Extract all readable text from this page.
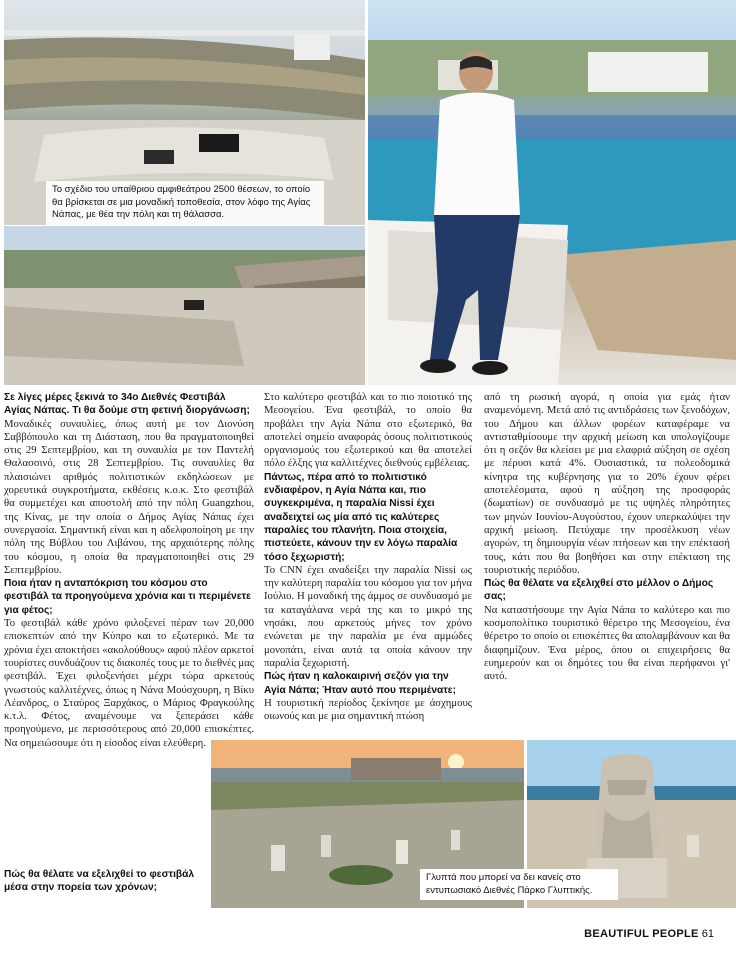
Το σχέδιο του υπαίθριου αμφιθεάτρου 2500 θέσεων, το οποίο θα βρίσκεται σε μια μοναδική τοποθεσία, στον λόφο της Αγίας Νάπας, με θέα την πόλη και τη θάλασσα.

Σε λίγες μέρες ξεκινά το 34ο Διεθνές Φεστιβάλ Αγίας Νάπας. Τι θα δούμε στη φετινή διοργάνωση;

Μοναδικές συναυλίες, όπως αυτή με τον Διονύση Σαββόπουλο και τη Διάσταση, που θα πραγματοποιηθεί στις 29 Σεπτεμβρίου, και τη συναυλία με τον Παντελή Θαλασσινό, στις 28 Σεπτεμβρίου. Τις συναυλίες θα πλαισιώνει αριθμός πολιτιστικών εκδηλώσεων με χορευτικά συγκροτήματα, εκθέσεις κ.ο.κ. Στο φεστιβάλ θα συμμετέχει και αποστολή από την πόλη Guangzhou, της Κίνας, με την οποία ο Δήμος Αγίας Νάπας έχει συνεργασία. Σημαντική είναι και η αδελφοποίηση με την πόλη της Βύβλου του Λιβάνου, της αρχαιότερης πόλης του κόσμου, η οποία θα πραγματοποιηθεί στις 29 Σεπτεμβρίου.

Ποια ήταν η ανταπόκριση του κόσμου στο φεστιβάλ τα προηγούμενα χρόνια και τι περιμένετε για φέτος;

Το φεστιβάλ κάθε χρόνο φιλοξενεί πέραν των 20,000 επισκεπτών από την Κύπρο και το εξωτερικό. Με τα χρόνια έχει αποκτήσει «ακολούθους» αφού πλέον αρκετοί τουρίστες συνδυάζουν τις διακοπές τους με το διεθνές μας φεστιβάλ. Έχει φιλοξενήσει μέχρι τώρα αρκετούς γνωστούς καλλιτέχνες, όπως η Νάνα Μούσχουρη, η Βίκυ Λέανδρος, ο Σταύρος Ξαρχάκος, ο Μάριος Φραγκούλης κ.τ.λ. Φέτος, αναμένουμε να ξεπεράσει κάθε προηγούμενο, με περισσότερους από 20,000 επισκέπτες. Να σημειώσουμε ότι η είσοδος είναι ελεύθερη.

Στο καλύτερο φεστιβάλ και το πιο ποιοτικό της Μεσογείου. Ένα φεστιβάλ, το οποίο θα προβάλει την Αγία Νάπα στο εξωτερικό, θα αποτελεί σημείο αναφοράς όσους πολιτιστικούς οργανισμούς του εξωτερικού και θα αποτελεί πόλο έλξης για καλλιτέχνες διεθνούς εμβέλειας.

Πάντως, πέρα από το πολιτιστικό ενδιαφέρον, η Αγία Νάπα και, πιο συγκεκριμένα, η παραλία Nissi έχει αναδειχτεί ως μία από τις καλύτερες παραλίες του πλανήτη. Ποια στοιχεία, πιστεύετε, κάνουν την εν λόγω παραλία τόσο ξεχωριστή;

Το CNN έχει αναδείξει την παραλία Nissi ως την καλύτερη παραλία του κόσμου για τον μήνα Ιούλιο. Η μοναδική της άμμος σε συνδυασμό με τα καταγάλανα νερά της και το μικρό της νησάκι, που αρκετούς μήνες τον χρόνο ενώνεται με την παραλία με ένα αμμώδες μονοπάτι, είναι αυτά τα οποία κάνουν την παραλία ξεχωριστή.

Πώς ήταν η καλοκαιρινή σεζόν για την Αγία Νάπα; Ήταν αυτό που περιμένατε;

Η τουριστική περίοδος ξεκίνησε με άσχημους οιωνούς και με μια σημαντική πτώση

από τη ρωσική αγορά, η οποία για εμάς ήταν αναμενόμενη. Μετά από τις αντιδράσεις των ξενοδόχων, του Δήμου και άλλων φορέων καταφέραμε να αντισταθμίσουμε την αρχική μείωση και υπολογίζουμε ότι η σεζόν θα κλείσει με μια ελαφριά αύξηση σε σχέση με πέρυσι κατά 4%. Ουσιαστικά, τα πολεοδομικά κίνητρα της κυβέρνησης για το 20% έχουν φέρει αποτελέσματα, αφού η αύξηση της προσφοράς (δωματίων) σε συνδυασμό με τις υψηλές πληρότητες των μηνών Ιουνίου-Αυγούστου, έχουν υπερκαλύψει την αρχική μείωση. Πετύχαμε την προσέλκυση νέων αγορών, τη δημιουργία νέων πτήσεων και την επέκτασή τους, κάτι που θα βοηθήσει και στην επέκταση της τουριστικής περιόδου.

Πώς θα θέλατε να εξελιχθεί στο μέλλον ο Δήμος σας;

Να καταστήσουμε την Αγία Νάπα το καλύτερο και πιο κοσμοπολίτικο τουριστικό θέρετρο της Μεσογείου, ένα θέρετρο το οποίο οι επισκέπτες θα απολαμβάνουν και θα διαφημίζουν. Ένα μέρος, όπου οι επιχειρήσεις θα ευημερούν και οι δημότες του θα είναι περήφανοι γι' αυτό.

Πώς θα θέλατε να εξελιχθεί το φεστιβάλ μέσα στην πορεία των χρόνων;

Γλυπτά που μπορεί να δει κανείς στο εντυπωσιακό Διεθνές Πάρκο Γλυπτικής.
BEAUTIFUL PEOPLE 61
